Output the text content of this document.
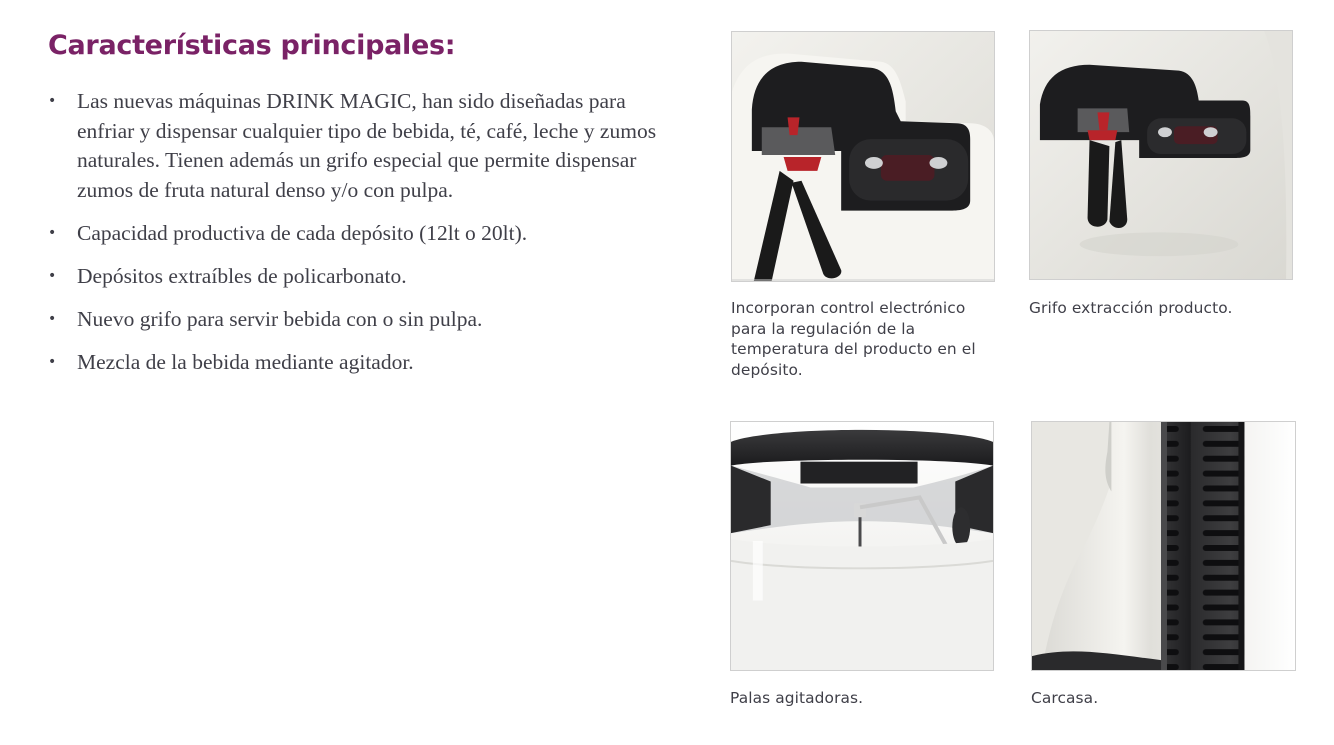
Características principales:
• Las nuevas máquinas DRINK MAGIC, han sido diseñadas para enfriar y dispensar cualquier tipo de bebida, té, café, leche y zumos naturales. Tienen además un grifo especial que permite dispensar zumos de fruta natural denso y/o con pulpa.
• Capacidad productiva de cada depósito (12lt o 20lt).
• Depósitos extraíbles de policarbonato.
• Nuevo grifo para servir bebida con o sin pulpa.
• Mezcla de la bebida mediante agitador.

Incorporan control electrónico para la regulación de la temperatura del producto en el depósito.

Grifo extracción producto.

Palas agitadoras.	Carcasa.
